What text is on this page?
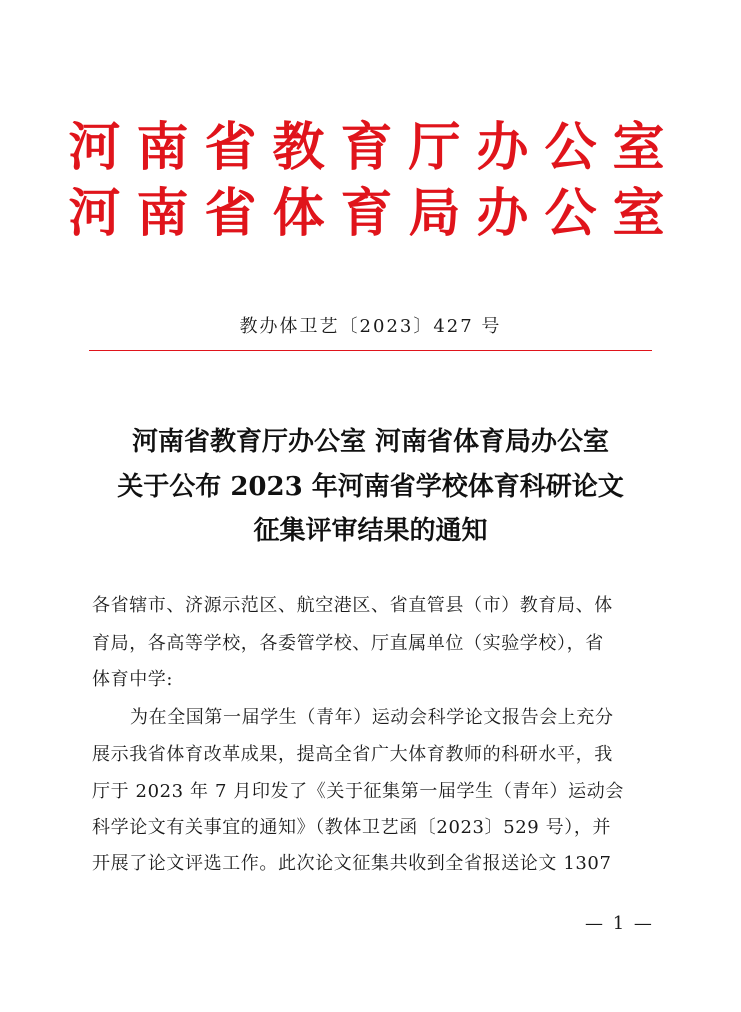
河南省教育厅办公室
河南省体育局办公室
教办体卫艺〔2023〕427 号
河南省教育厅办公室 河南省体育局办公室
关于公布 2023 年河南省学校体育科研论文
征集评审结果的通知
各省辖市、济源示范区、航空港区、省直管县（市）教育局、体
育局，各高等学校，各委管学校、厅直属单位（实验学校），省
体育中学:
为在全国第一届学生（青年）运动会科学论文报告会上充分
展示我省体育改革成果，提高全省广大体育教师的科研水平，我
厅于 2023 年 7 月印发了《关于征集第一届学生（青年）运动会
科学论文有关事宜的通知》（教体卫艺函〔2023〕529 号），并
开展了论文评选工作。此次论文征集共收到全省报送论文 1307
— 1 —
